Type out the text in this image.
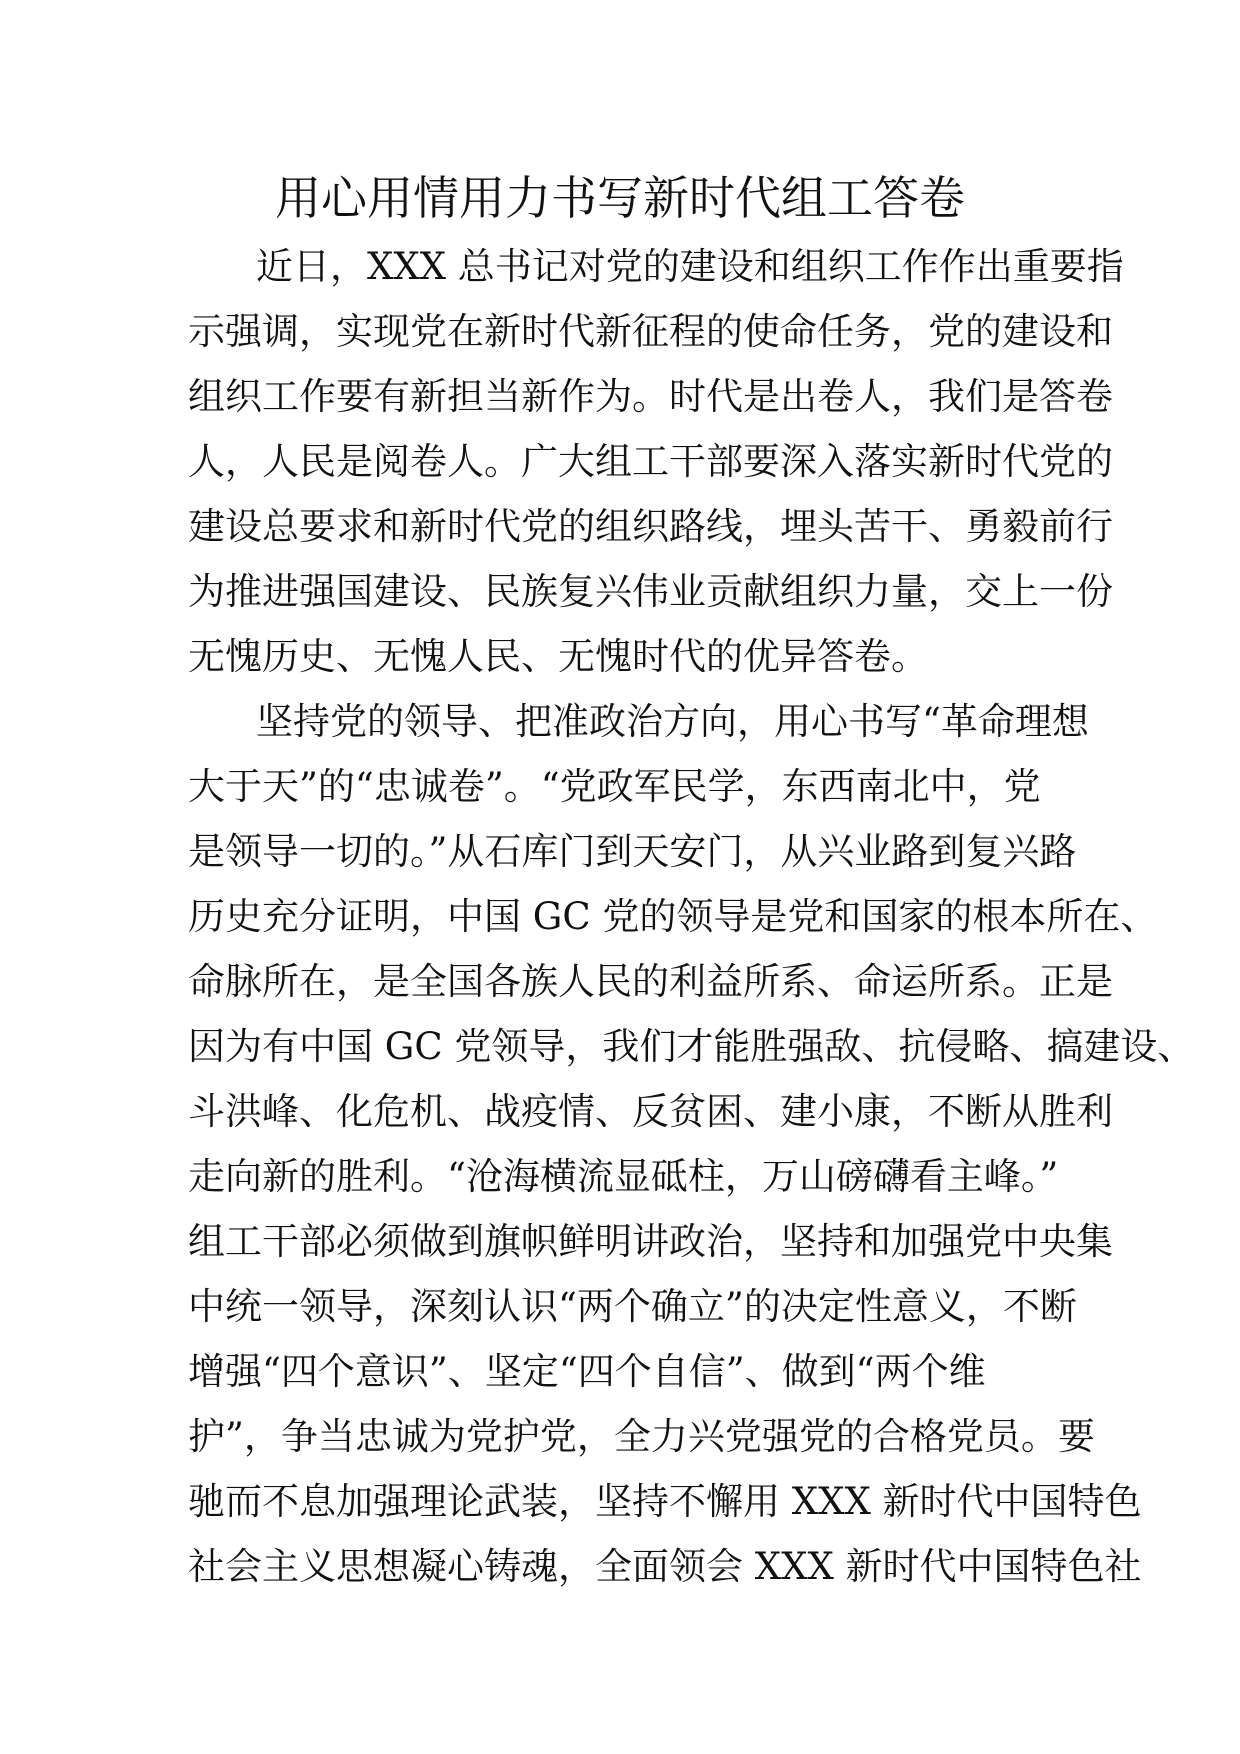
用心用情用力书写新时代组工答卷
近日，XXX 总书记对党的建设和组织工作作出重要指
示强调，实现党在新时代新征程的使命任务，党的建设和
组织工作要有新担当新作为。时代是出卷人，我们是答卷
人，人民是阅卷人。广大组工干部要深入落实新时代党的
建设总要求和新时代党的组织路线，埋头苦干、勇毅前行
为推进强国建设、民族复兴伟业贡献组织力量，交上一份
无愧历史、无愧人民、无愧时代的优异答卷。
坚持党的领导、把准政治方向，用心书写“革命理想
大于天”的“忠诚卷”。“党政军民学，东西南北中，党
是领导一切的。”从石库门到天安门，从兴业路到复兴路
历史充分证明，中国 GC 党的领导是党和国家的根本所在、
命脉所在，是全国各族人民的利益所系、命运所系。正是
因为有中国 GC 党领导，我们才能胜强敌、抗侵略、搞建设、
斗洪峰、化危机、战疫情、反贫困、建小康，不断从胜利
走向新的胜利。“沧海横流显砥柱，万山磅礴看主峰。”
组工干部必须做到旗帜鲜明讲政治，坚持和加强党中央集
中统一领导，深刻认识“两个确立”的决定性意义，不断
增强“四个意识”、坚定“四个自信”、做到“两个维
护”，争当忠诚为党护党，全力兴党强党的合格党员。要
驰而不息加强理论武装，坚持不懈用 XXX 新时代中国特色
社会主义思想凝心铸魂，全面领会 XXX 新时代中国特色社
